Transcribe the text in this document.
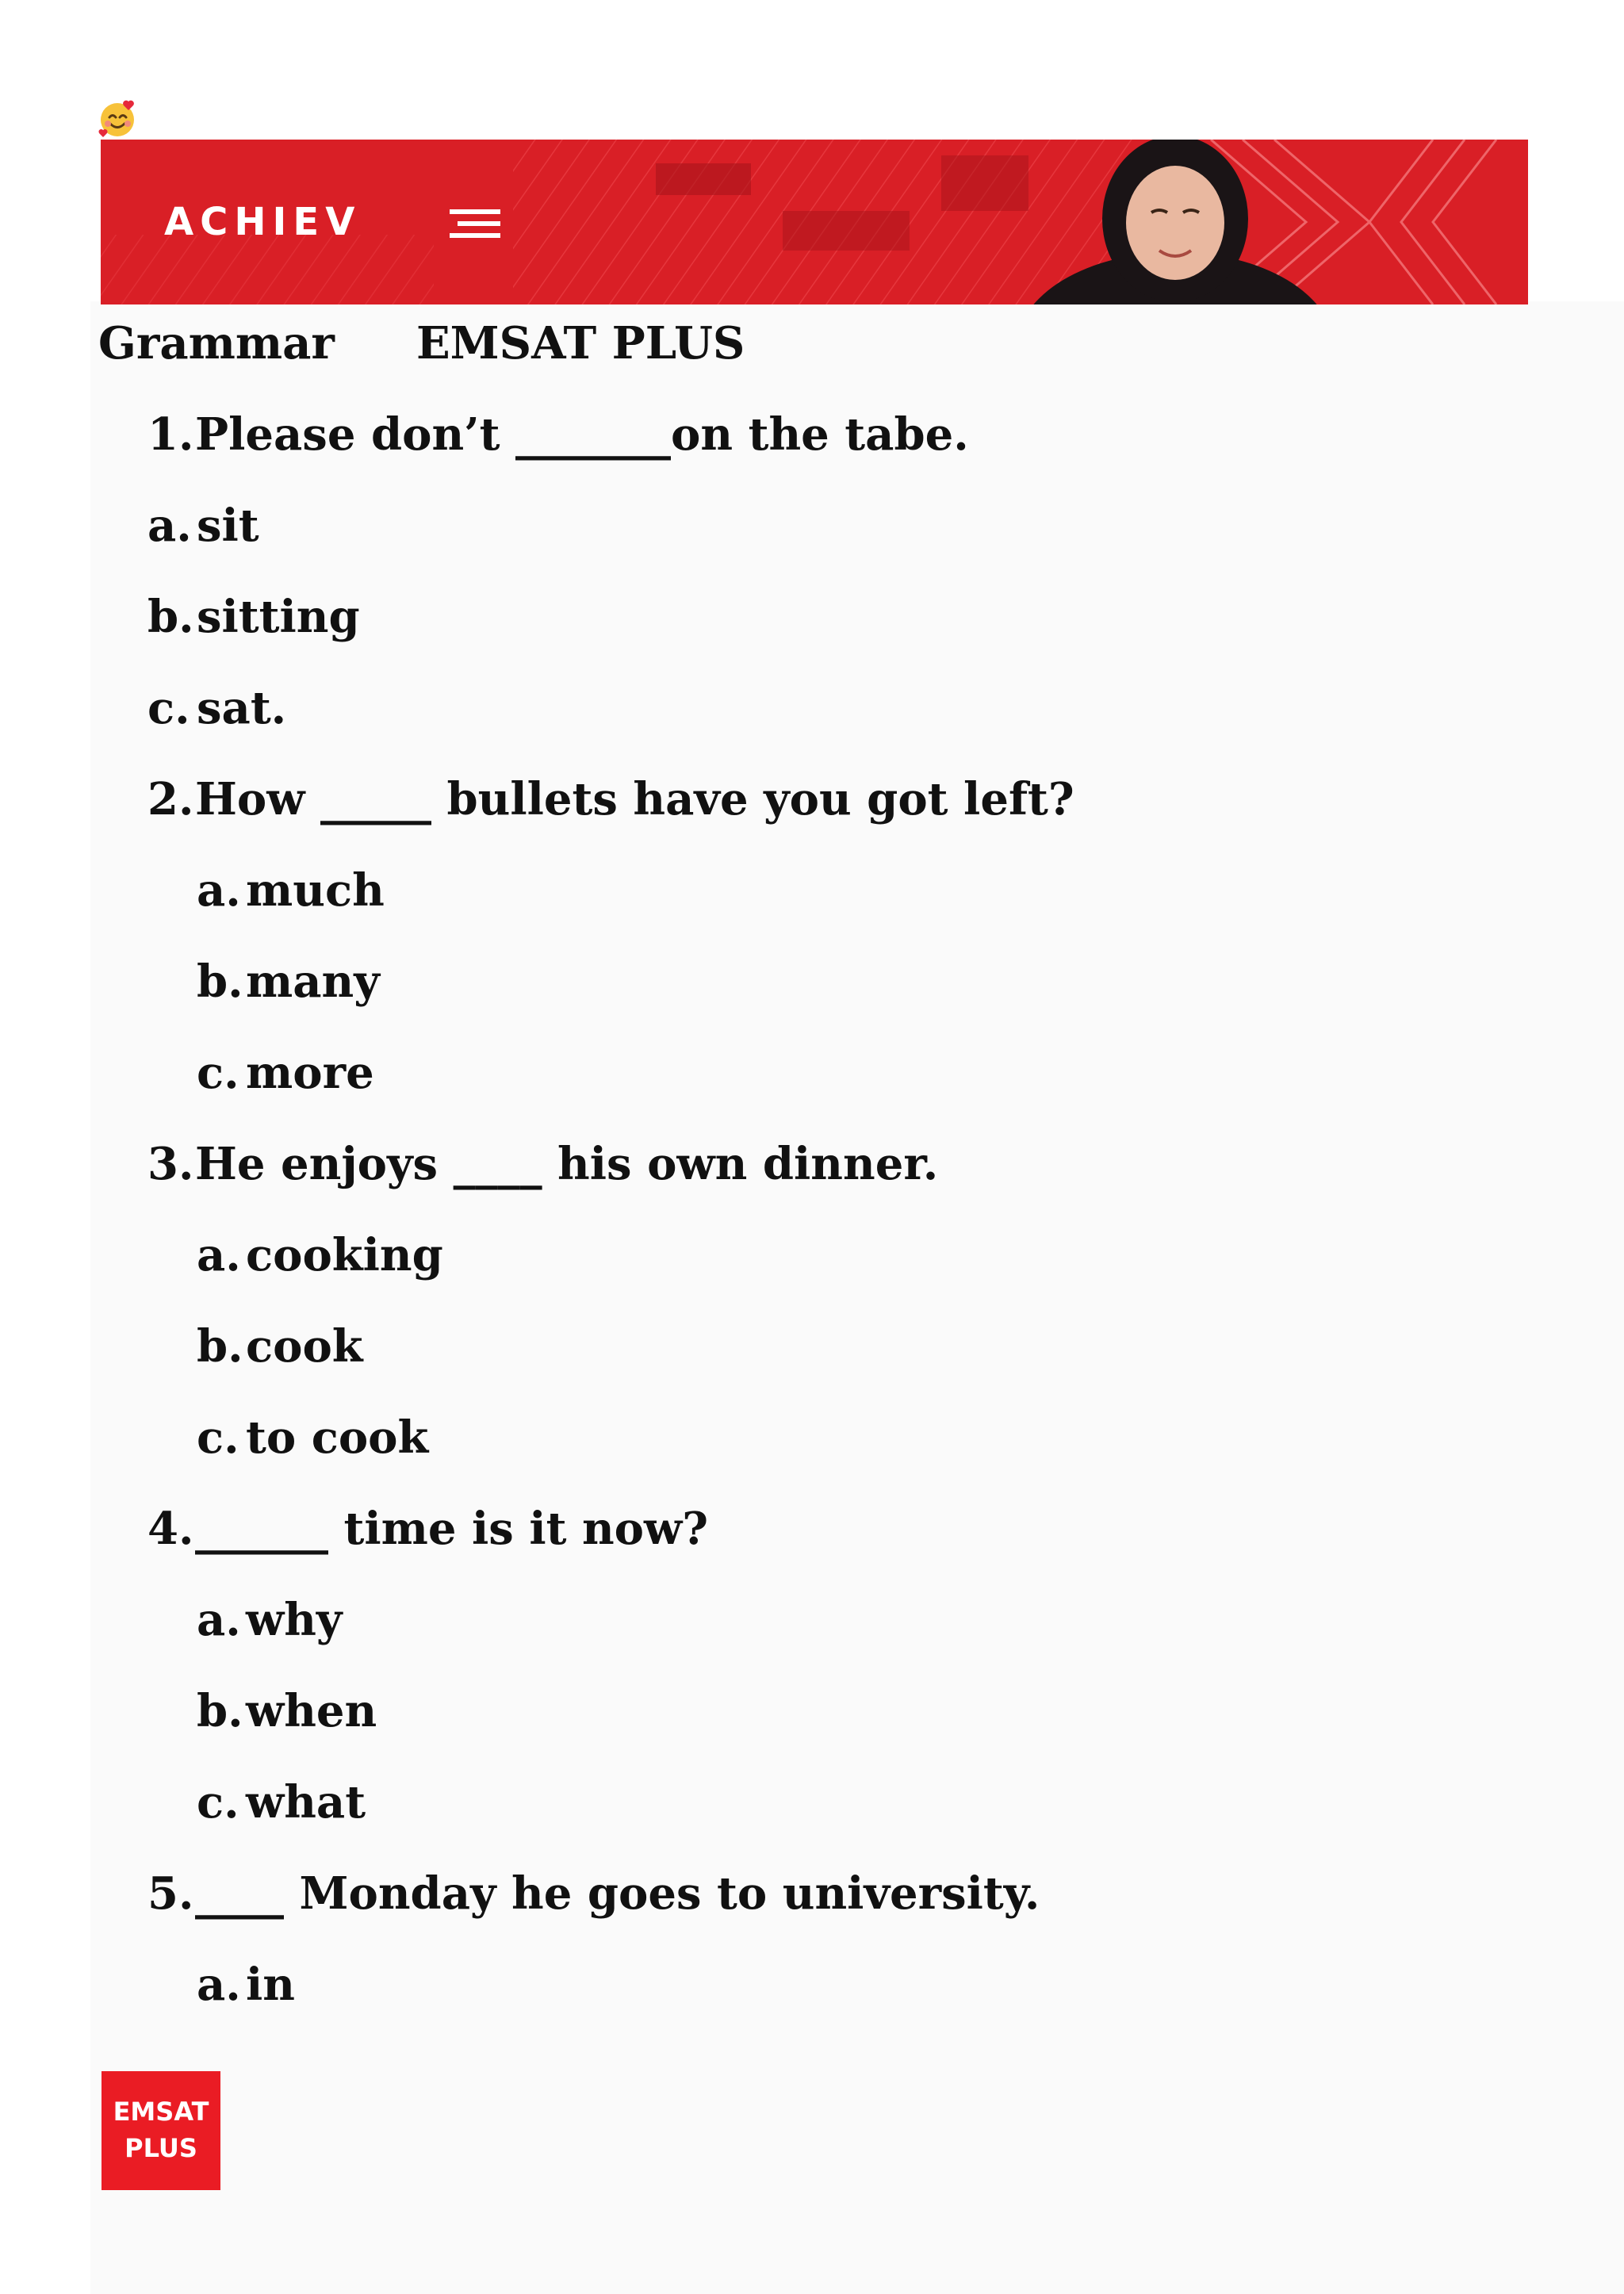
ACHIEV
Grammar EMSAT PLUS
1.Please don’t _______on the tabe.
a. sit
b.sitting
c. sat.
2.How _____ bullets have you got left?
a. much
b.many
c. more
3.He enjoys ____ his own dinner.
a. cooking
b.cook
c. to cook
4.______ time is it now?
a. why
b.when
c. what
5.____ Monday he goes to university.
a. in
EMSAT
PLUS
